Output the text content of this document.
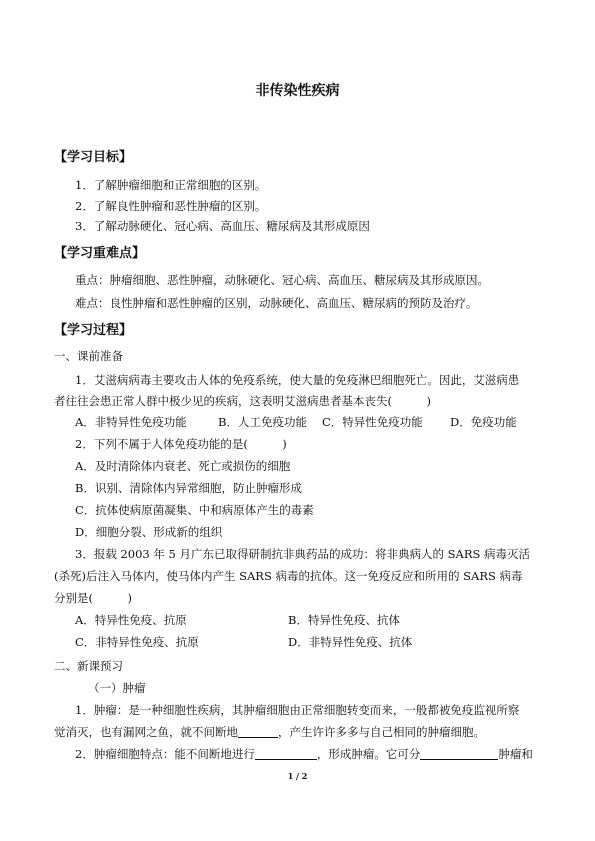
非传染性疾病
【学习目标】
1．了解肿瘤细胞和正常细胞的区别。
2．了解良性肿瘤和恶性肿瘤的区别。
3．了解动脉硬化、冠心病、高血压、糖尿病及其形成原因
【学习重难点】
重点：肿瘤细胞、恶性肿瘤，动脉硬化、冠心病、高血压、糖尿病及其形成原因。
难点：良性肿瘤和恶性肿瘤的区别，动脉硬化、高血压、糖尿病的预防及治疗。
【学习过程】
一、课前准备
1．艾滋病病毒主要攻击人体的免疫系统，使大量的免疫淋巴细胞死亡。因此，艾滋病患
者往往会患正常人群中极少见的疾病，这表明艾滋病患者基本丧失(　　　)
A．非特异性免疫功能	B．人工免疫功能 C．特异性免疫功能 D．免疫功能
2．下列不属于人体免疫功能的是(　　　)
A．及时清除体内衰老、死亡或损伤的细胞
B．识别、清除体内异常细胞，防止肿瘤形成
C．抗体使病原菌凝集、中和病原体产生的毒素
D．细胞分裂、形成新的组织
3．报载 2003 年 5 月广东已取得研制抗非典药品的成功：将非典病人的 SARS 病毒灭活
(杀死)后注入马体内，使马体内产生 SARS 病毒的抗体。这一免疫反应和所用的 SARS 病毒
分别是(　　　)
A．特异性免疫、抗原	B．特异性免疫、抗体
C．非特异性免疫、抗原	D．非特异性免疫、抗体
二、新课预习
（一）肿瘤
1．肿瘤：是一种细胞性疾病，其肿瘤细胞由正常细胞转变而来，一般都被免疫监视所察
觉消灭，也有漏网之鱼，就不间断地	，产生许许多多与自己相同的肿瘤细胞。
2．肿瘤细胞特点：能不间断地进行	，形成肿瘤。它可分	肿瘤和
1 / 2
